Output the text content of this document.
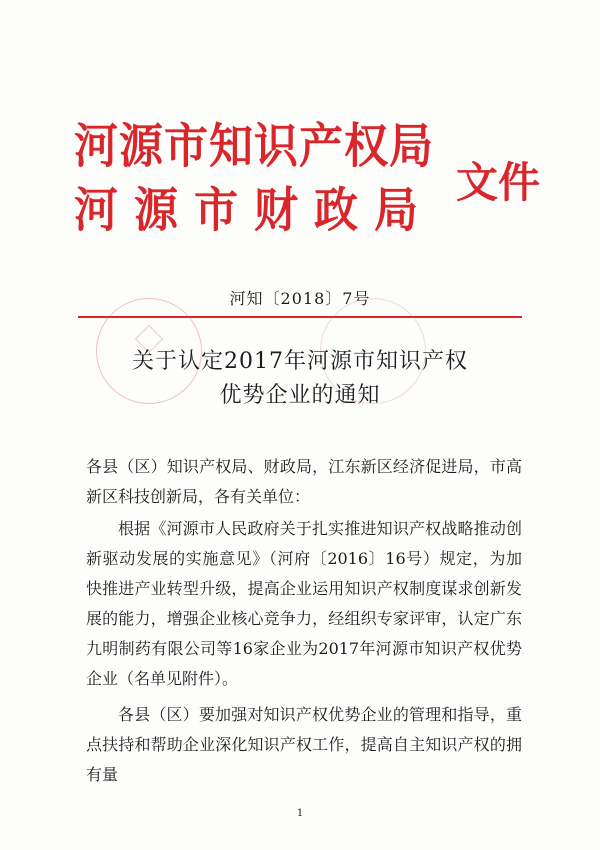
河源市知识产权局
河源市财政局
文件
河知〔2018〕7号
关于认定2017年河源市知识产权
优势企业的通知

各县（区）知识产权局、财政局，江东新区经济促进局，市高新区科技创新局，各有关单位：

根据《河源市人民政府关于扎实推进知识产权战略推动创新驱动发展的实施意见》（河府〔2016〕16号）规定，为加快推进产业转型升级，提高企业运用知识产权制度谋求创新发展的能力，增强企业核心竞争力，经组织专家评审，认定广东九明制药有限公司等16家企业为2017年河源市知识产权优势企业（名单见附件）。

各县（区）要加强对知识产权优势企业的管理和指导，重点扶持和帮助企业深化知识产权工作，提高自主知识产权的拥有量

1
